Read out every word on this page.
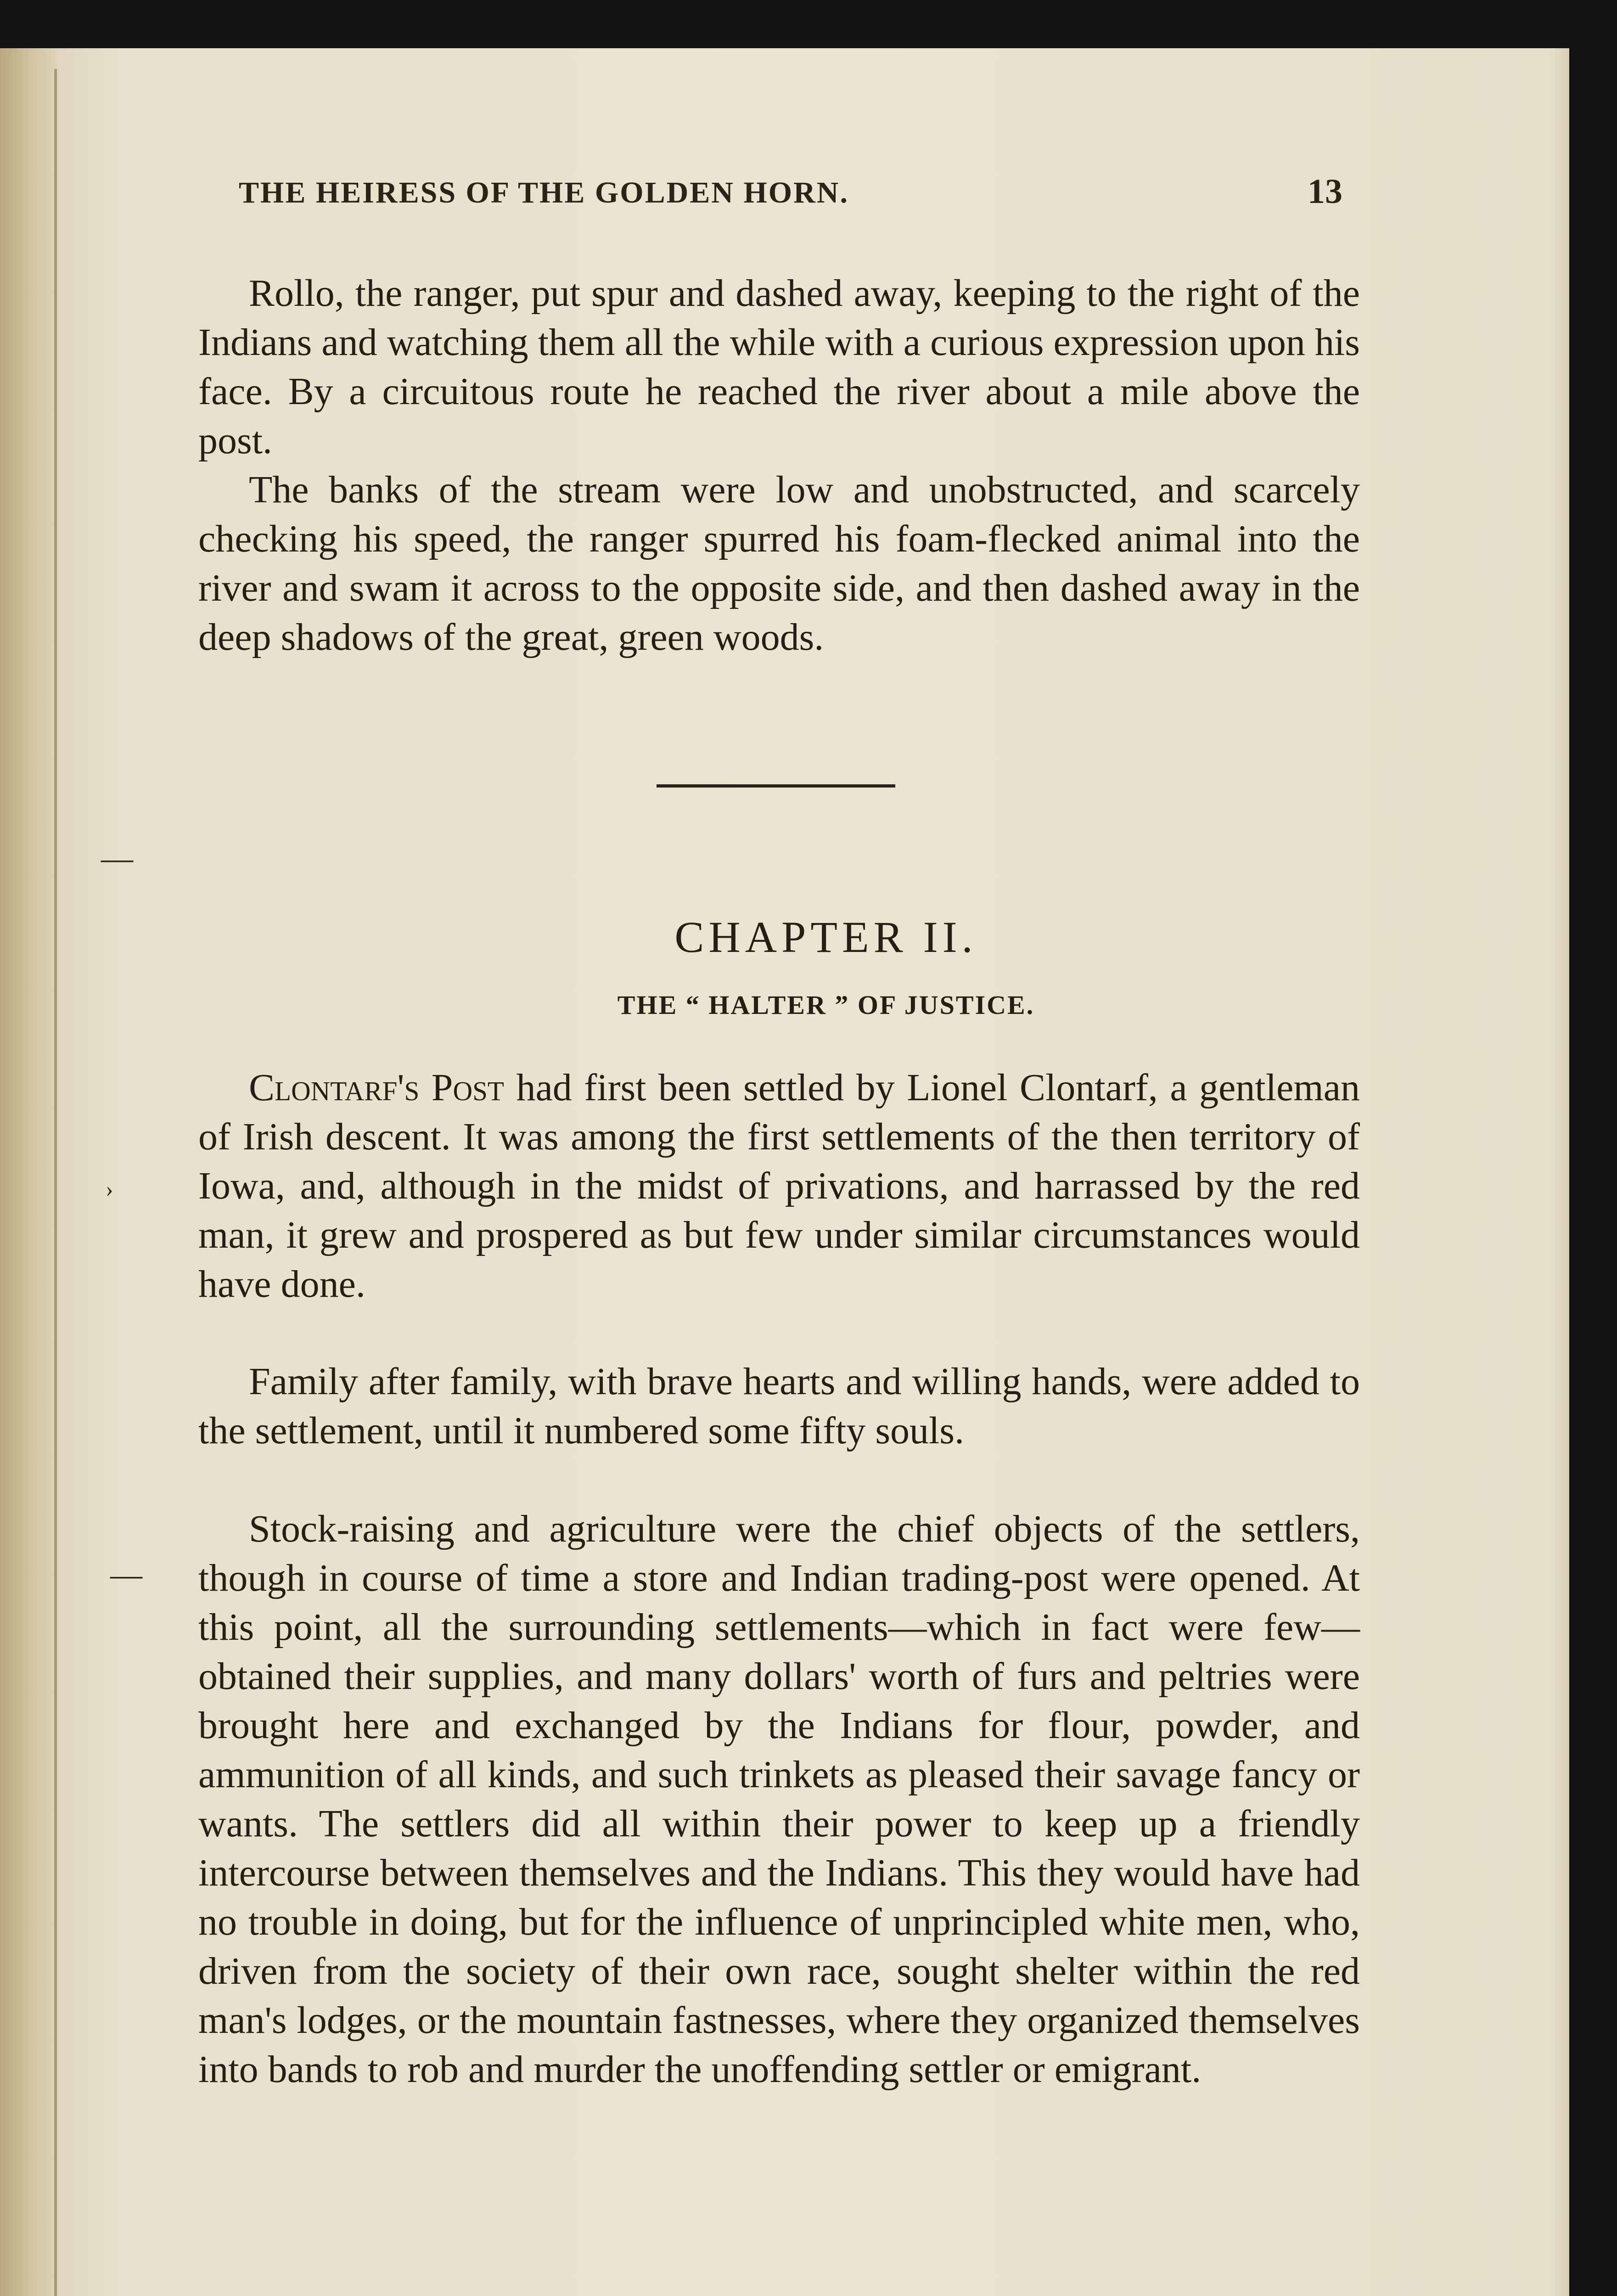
THE HEIRESS OF THE GOLDEN HORN.	13

Rollo, the ranger, put spur and dashed away, keeping to the right of the Indians and watching them all the while with a curious expression upon his face. By a circuitous route he reached the river about a mile above the post.

The banks of the stream were low and unobstructed, and scarcely checking his speed, the ranger spurred his foam-flecked animal into the river and swam it across to the opposite side, and then dashed away in the deep shadows of the great, green woods.

CHAPTER II.
THE “ HALTER ” OF JUSTICE.

Clontarf's Post had first been settled by Lionel Clontarf, a gentleman of Irish descent. It was among the first settlements of the then territory of Iowa, and, although in the midst of privations, and harrassed by the red man, it grew and prospered as but few under similar circumstances would have done.

Family after family, with brave hearts and willing hands, were added to the settlement, until it numbered some fifty souls.

Stock-raising and agriculture were the chief objects of the settlers, though in course of time a store and Indian trading-post were opened. At this point, all the surrounding settlements—which in fact were few—obtained their supplies, and many dollars' worth of furs and peltries were brought here and exchanged by the Indians for flour, powder, and ammunition of all kinds, and such trinkets as pleased their savage fancy or wants. The settlers did all within their power to keep up a friendly intercourse between themselves and the Indians. This they would have had no trouble in doing, but for the influence of unprincipled white men, who, driven from the society of their own race, sought shelter within the red man's lodges, or the mountain fastnesses, where they organized themselves into bands to rob and murder the unoffending settler or emigrant.

—
›
—
